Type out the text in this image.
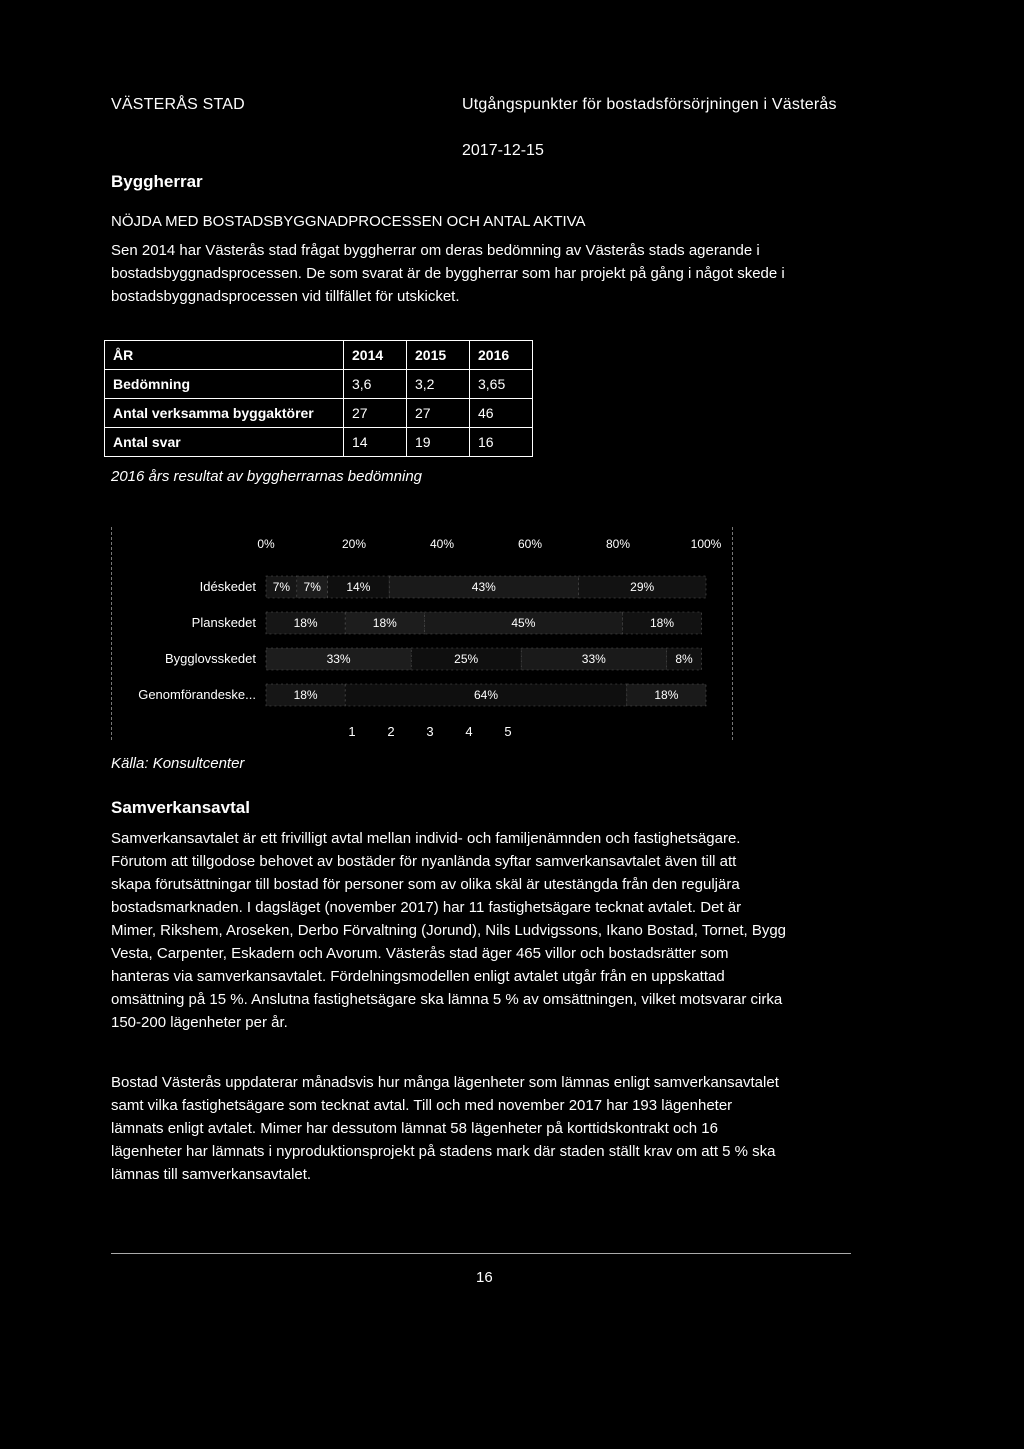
VÄSTERÅS STAD	Utgångspunkter för bostadsförsörjningen i Västerås
2017-12-15
Byggherrar
NÖJDA MED BOSTADSBYGGNADPROCESSEN OCH ANTAL AKTIVA
Sen 2014 har Västerås stad frågat byggherrar om deras bedömning av Västerås stads agerande i
bostadsbyggnadsprocessen. De som svarat är de byggherrar som har projekt på gång i något skede i
bostadsbyggnadsprocessen vid tillfället för utskicket.
ÅR	2014	2015	2016
Bedömning	3,6	3,2	3,65
Antal verksamma byggaktörer	27	27	46
Antal svar	14	19	16
2016 års resultat av byggherrarnas bedömning
0%	20%	40%	60%	80%	100%
Idéskedet 7% 7% 14%	43%	29%
Planskedet	18%	18%	45%	18%
Bygglovsskedet	33%	25%	33%	8%
Genomförandeske...	18%	64%	18%
1 2 3 4 5
Källa: Konsultcenter
Samverkansavtal
Samverkansavtalet är ett frivilligt avtal mellan individ- och familjenämnden och fastighetsägare.
Förutom att tillgodose behovet av bostäder för nyanlända syftar samverkansavtalet även till att
skapa förutsättningar till bostad för personer som av olika skäl är utestängda från den reguljära
bostadsmarknaden. I dagsläget (november 2017) har 11 fastighetsägare tecknat avtalet. Det är
Mimer, Rikshem, Aroseken, Derbo Förvaltning (Jorund), Nils Ludvigssons, Ikano Bostad, Tornet, Bygg
Vesta, Carpenter, Eskadern och Avorum. Västerås stad äger 465 villor och bostadsrätter som
hanteras via samverkansavtalet. Fördelningsmodellen enligt avtalet utgår från en uppskattad
omsättning på 15 %. Anslutna fastighetsägare ska lämna 5 % av omsättningen, vilket motsvarar cirka
150-200 lägenheter per år.
Bostad Västerås uppdaterar månadsvis hur många lägenheter som lämnas enligt samverkansavtalet
samt vilka fastighetsägare som tecknat avtal. Till och med november 2017 har 193 lägenheter
lämnats enligt avtalet. Mimer har dessutom lämnat 58 lägenheter på korttidskontrakt och 16
lägenheter har lämnats i nyproduktionsprojekt på stadens mark där staden ställt krav om att 5 % ska
lämnas till samverkansavtalet.
16
